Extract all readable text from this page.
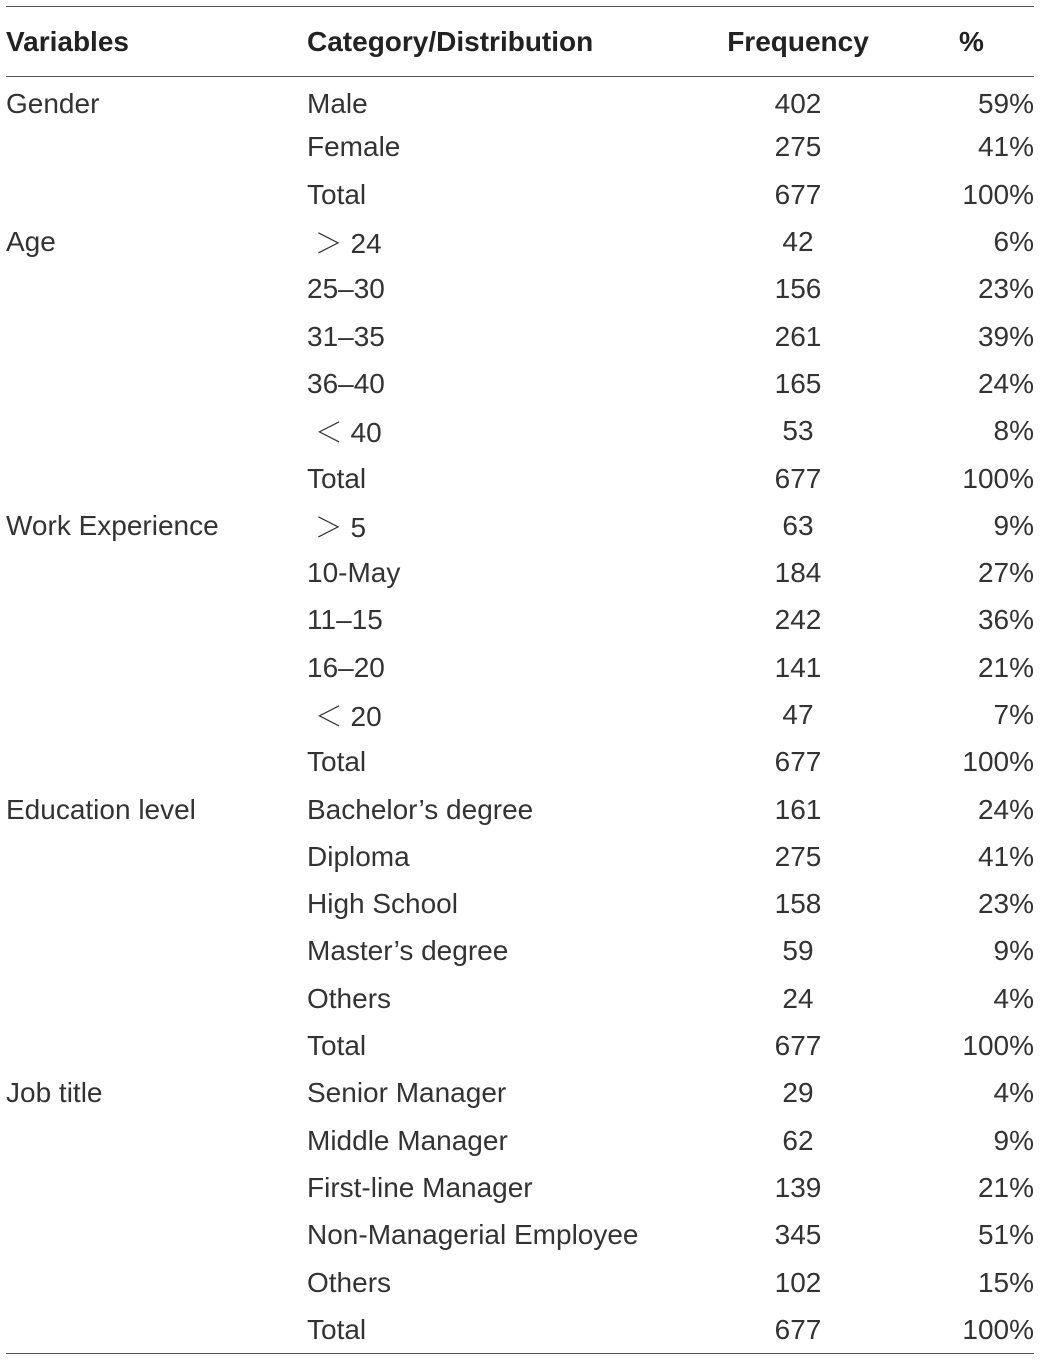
Variables	Category/Distribution	Frequency	%
Gender	Male	402	59%
	Female	275	41%
	Total	677	100%
Age	＞ 24	42	6%
	25–30	156	23%
	31–35	261	39%
	36–40	165	24%
	＜ 40	53	8%
	Total	677	100%
Work Experience	＞ 5	63	9%
	10-May	184	27%
	11–15	242	36%
	16–20	141	21%
	＜ 20	47	7%
	Total	677	100%
Education level	Bachelor’s degree	161	24%
	Diploma	275	41%
	High School	158	23%
	Master’s degree	59	9%
	Others	24	4%
	Total	677	100%
Job title	Senior Manager	29	4%
	Middle Manager	62	9%
	First-line Manager	139	21%
	Non-Managerial Employee	345	51%
	Others	102	15%
	Total	677	100%
